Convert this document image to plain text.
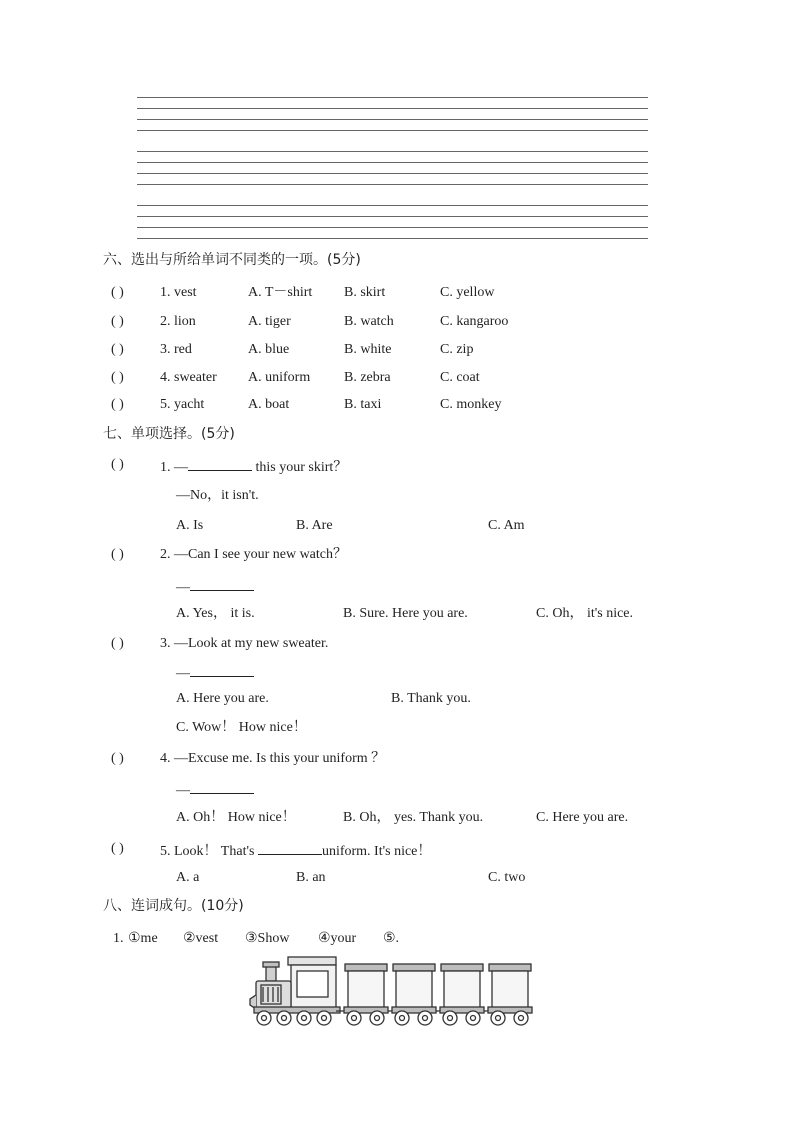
六、选出与所给单词不同类的一项。(5分)
( )	1. vest	A. T－shirt B. skirt	C. yellow
( )	2. lion	A. tiger	B. watch	C. kangaroo
( )	3. red	A. blue	B. white	C. zip
( )	4. sweater A. uniform B. zebra	C. coat
( )	5. yacht	A. boat	B. taxi	C. monkey
七、单项选择。(5分)
( )	1. —	this your skirt？
—No，it isn't.
A. Is	B. Are	C. Am
( )	2. —Can I see your new watch？
—
A. Yes， it is.	B. Sure. Here you are.	C. Oh， it's nice.
( )	3. —Look at my new sweater.
—
A. Here you are.	B. Thank you.
C. Wow！ How nice！
( )	4. —Excuse me. Is this your uniform ？
—
A. Oh！ How nice！	B. Oh， yes. Thank you.	C. Here you are.
( )	5. Look！ That's	uniform. It's nice！
A. a	B. an	C. two
八、连词成句。(10分)
1. ①me ②vest ③Show ④your ⑤.
